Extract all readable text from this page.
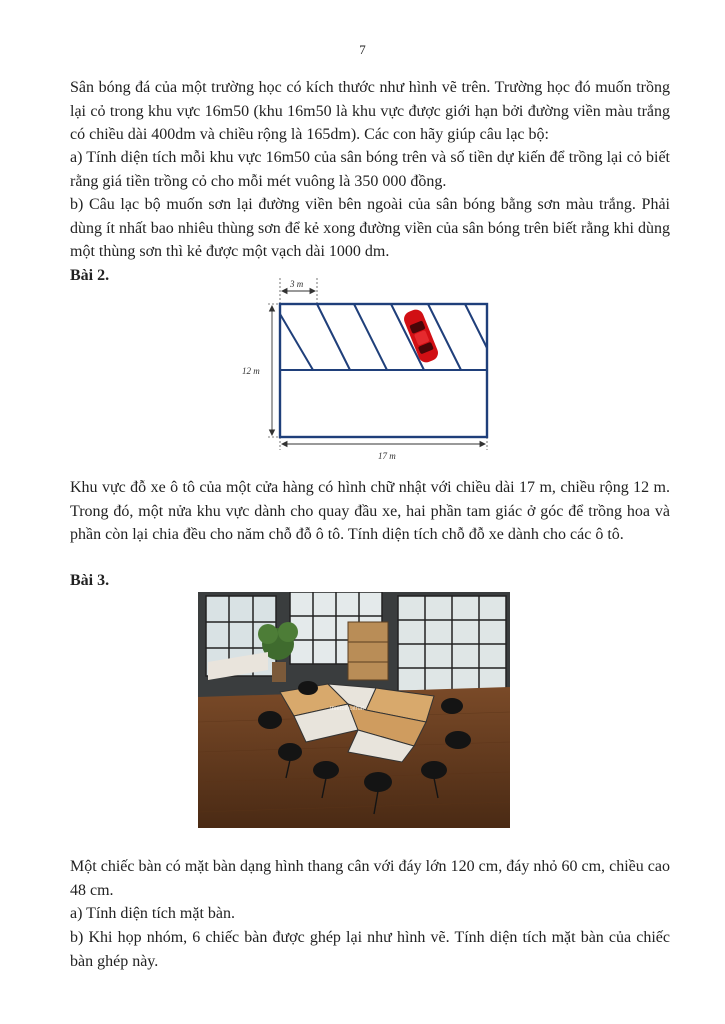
7

Sân bóng đá của một trường học có kích thước như hình vẽ trên. Trường học đó muốn trồng lại cỏ trong khu vực 16m50 (khu 16m50 là khu vực được giới hạn bởi đường viền màu trắng có chiều dài 400dm và chiều rộng là 165dm). Các con hãy giúp câu lạc bộ:

a) Tính diện tích mỗi khu vực 16m50 của sân bóng trên và số tiền dự kiến để trồng lại cỏ biết rằng giá tiền trồng cỏ cho mỗi mét vuông là 350 000 đồng.

b) Câu lạc bộ muốn sơn lại đường viền bên ngoài của sân bóng bằng sơn màu trắng. Phải dùng ít nhất bao nhiêu thùng sơn để kẻ xong đường viền của sân bóng trên biết rằng khi dùng một thùng sơn thì kẻ được một vạch dài 1000 dm.

Bài 2.	3 m
12 m
17 m

Khu vực đỗ xe ô tô của một cửa hàng có hình chữ nhật với chiều dài 17 m, chiều rộng 12 m. Trong đó, một nửa khu vực dành cho quay đầu xe, hai phần tam giác ở góc để trồng hoa và phần còn lại chia đều cho năm chỗ đỗ ô tô. Tính diện tích chỗ đỗ xe dành cho các ô tô.

Bài 3.

thietbinoithat

Một chiếc bàn có mặt bàn dạng hình thang cân với đáy lớn 120 cm, đáy nhỏ 60 cm, chiều cao 48 cm.

a) Tính diện tích mặt bàn.

b) Khi họp nhóm, 6 chiếc bàn được ghép lại như hình vẽ. Tính diện tích mặt bàn của chiếc bàn ghép này.
